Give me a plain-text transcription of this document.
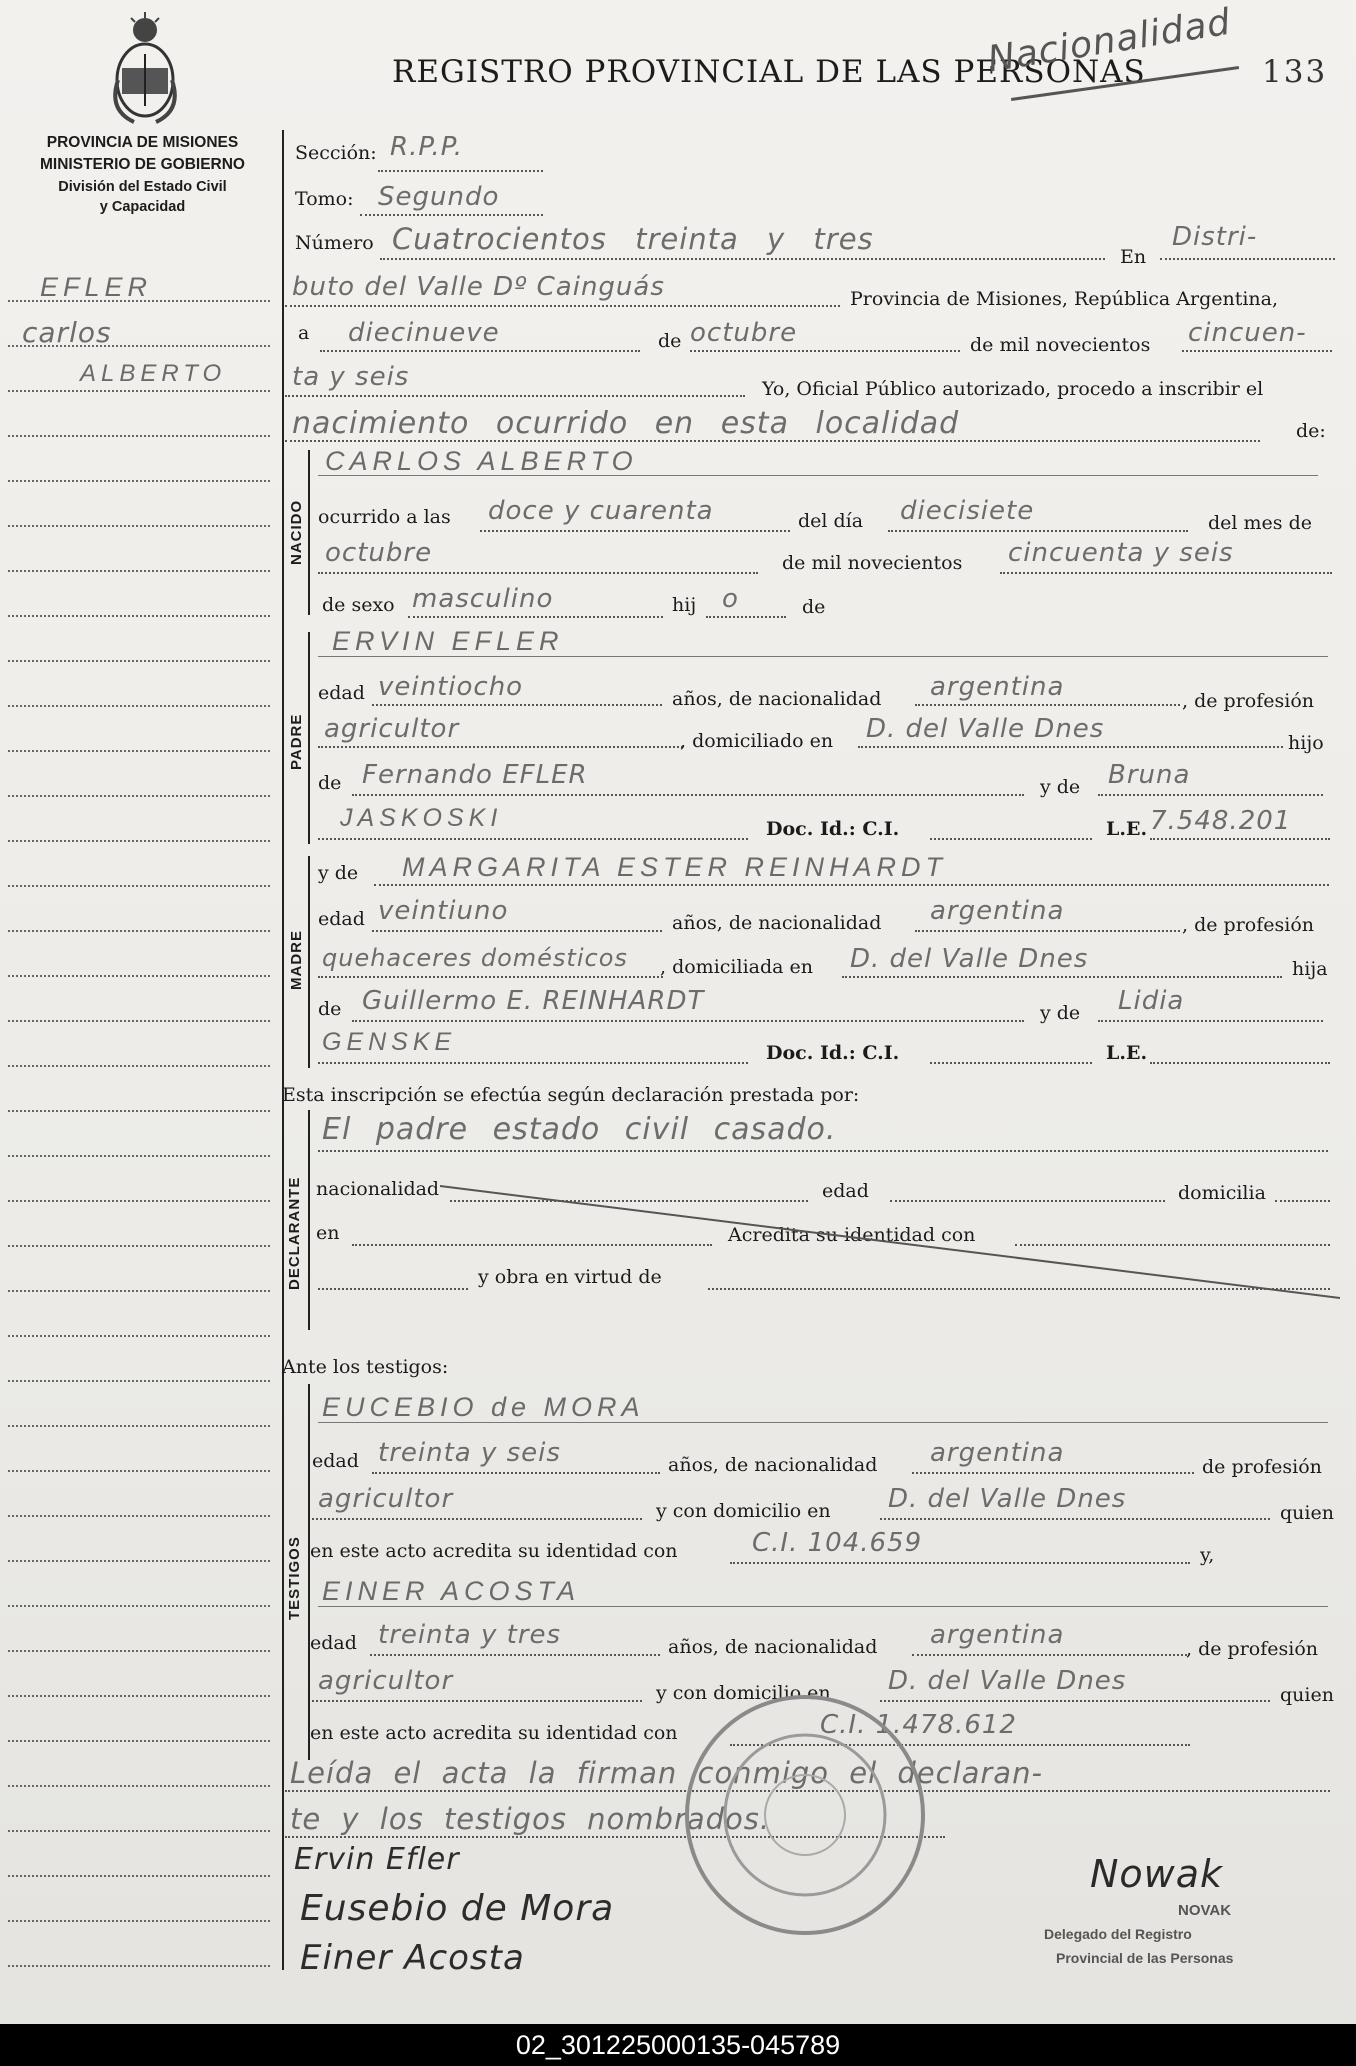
PROVINCIA DE MISIONES
MINISTERIO DE GOBIERNO
División del Estado Civil
y Capacidad
REGISTRO PROVINCIAL DE LAS PERSONAS	133
Nacionalidad
EFLER
carlos
ALBERTO
Sección: R.P.P.
Tomo: Segundo
Número Cuatrocientos treinta y tres
En
Distri-
buto del Valle Dº Cainguás	Provincia de Misiones, República Argentina,
a diecinueve	de octubre	de mil novecientos cincuen-
ta y seis	Yo, Oficial Público autorizado, procedo a inscribir el
nacimiento ocurrido en esta localidad	de:
NACIDO
CARLOS ALBERTO
ocurrido a las doce y cuarenta	del día diecisiete	del mes de
octubre	de mil novecientos cincuenta y seis
de sexo masculino	hij o	de
PADRE
ERVIN EFLER
edad veintiocho	años, de nacionalidad argentina	, de profesión
agricultor	, domiciliado en D. del Valle Dnes	hijo
de Fernando EFLER	y de Bruna
JASKOSKI	Doc. Id.: C.I.	L.E. 7.548.201
MADRE
y de MARGARITA ESTER REINHARDT
edad veintiuno	años, de nacionalidad argentina	, de profesión
quehaceres domésticos , domiciliada en D. del Valle Dnes	hija
de Guillermo E. REINHARDT	y de Lidia
GENSKE	Doc. Id.: C.I.	L.E.
Esta inscripción se efectúa según declaración prestada por:
DECLARANTE
El padre estado civil casado.
nacionalidad	edad	domicilia
en	Acredita su identidad con
y obra en virtud de
Ante los testigos:
TESTIGOS
EUCEBIO de MORA
edad treinta y seis	años, de nacionalidad argentina	de profesión
agricultor	y con domicilio en D. del Valle Dnes	quien
en este acto acredita su identidad con	C.I. 104.659	y,
EINER ACOSTA
edad treinta y tres	años, de nacionalidad argentina	, de profesión
agricultor	y con domicilio en D. del Valle Dnes	quien
en este acto acredita su identidad con	C.I. 1.478.612
Leída el acta la firman conmigo el declaran-
te y los testigos nombrados.
Ervin Efler
Eusebio de Mora
Einer Acosta
Nowak
NOVAK
Delegado del Registro
Provincial de las Personas
02_301225000135-045789
